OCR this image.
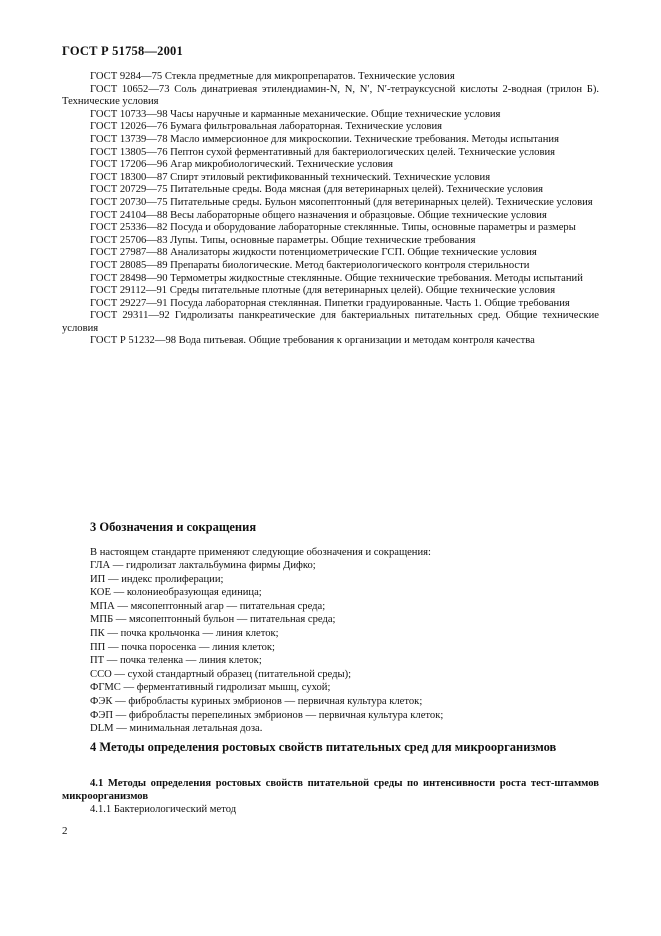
ГОСТ Р 51758—2001

ГОСТ 9284—75 Стекла предметные для микропрепаратов. Технические условия

ГОСТ 10652—73 Соль динатриевая этилендиамин-N, N, N′, N′-тетрауксусной кислоты 2-водная (трилон Б). Технические условия

ГОСТ 10733—98 Часы наручные и карманные механические. Общие технические условия

ГОСТ 12026—76 Бумага фильтровальная лабораторная. Технические условия

ГОСТ 13739—78 Масло иммерсионное для микроскопии. Технические требования. Методы испытания

ГОСТ 13805—76 Пептон сухой ферментативный для бактериологических целей. Технические условия

ГОСТ 17206—96 Агар микробиологический. Технические условия

ГОСТ 18300—87 Спирт этиловый ректификованный технический. Технические условия

ГОСТ 20729—75 Питательные среды. Вода мясная (для ветеринарных целей). Технические условия

ГОСТ 20730—75 Питательные среды. Бульон мясопептонный (для ветеринарных целей). Технические условия

ГОСТ 24104—88 Весы лабораторные общего назначения и образцовые. Общие технические условия

ГОСТ 25336—82 Посуда и оборудование лабораторные стеклянные. Типы, основные параметры и размеры

ГОСТ 25706—83 Лупы. Типы, основные параметры. Общие технические требования

ГОСТ 27987—88 Анализаторы жидкости потенциометрические ГСП. Общие технические условия

ГОСТ 28085—89 Препараты биологические. Метод бактериологического контроля стерильности

ГОСТ 28498—90 Термометры жидкостные стеклянные. Общие технические требования. Методы испытаний

ГОСТ 29112—91 Среды питательные плотные (для ветеринарных целей). Общие технические условия

ГОСТ 29227—91 Посуда лабораторная стеклянная. Пипетки градуированные. Часть 1. Общие требования

ГОСТ 29311—92 Гидролизаты панкреатические для бактериальных питательных сред. Общие технические условия

ГОСТ Р 51232—98 Вода питьевая. Общие требования к организации и методам контроля качества

3 Обозначения и сокращения
В настоящем стандарте применяют следующие обозначения и сокращения:
ГЛА — гидролизат лактальбумина фирмы Дифко;
ИП — индекс пролиферации;
КОЕ — колониеобразующая единица;
МПА — мясопептонный агар — питательная среда;
МПБ — мясопептонный бульон — питательная среда;
ПК — почка крольчонка — линия клеток;
ПП — почка поросенка — линия клеток;
ПТ — почка теленка — линия клеток;
ССО — сухой стандартный образец (питательной среды);
ФГМС — ферментативный гидролизат мышц, сухой;
ФЭК — фибробласты куриных эмбрионов — первичная культура клеток;
ФЭП — фибробласты перепелиных эмбрионов — первичная культура клеток;
DLM — минимальная летальная доза.
4 Методы определения ростовых свойств питательных сред для микроорганизмов
4.1 Методы определения ростовых свойств питательной среды по интенсивности роста тест-штаммов микроорганизмов
4.1.1 Бактериологический метод
2
